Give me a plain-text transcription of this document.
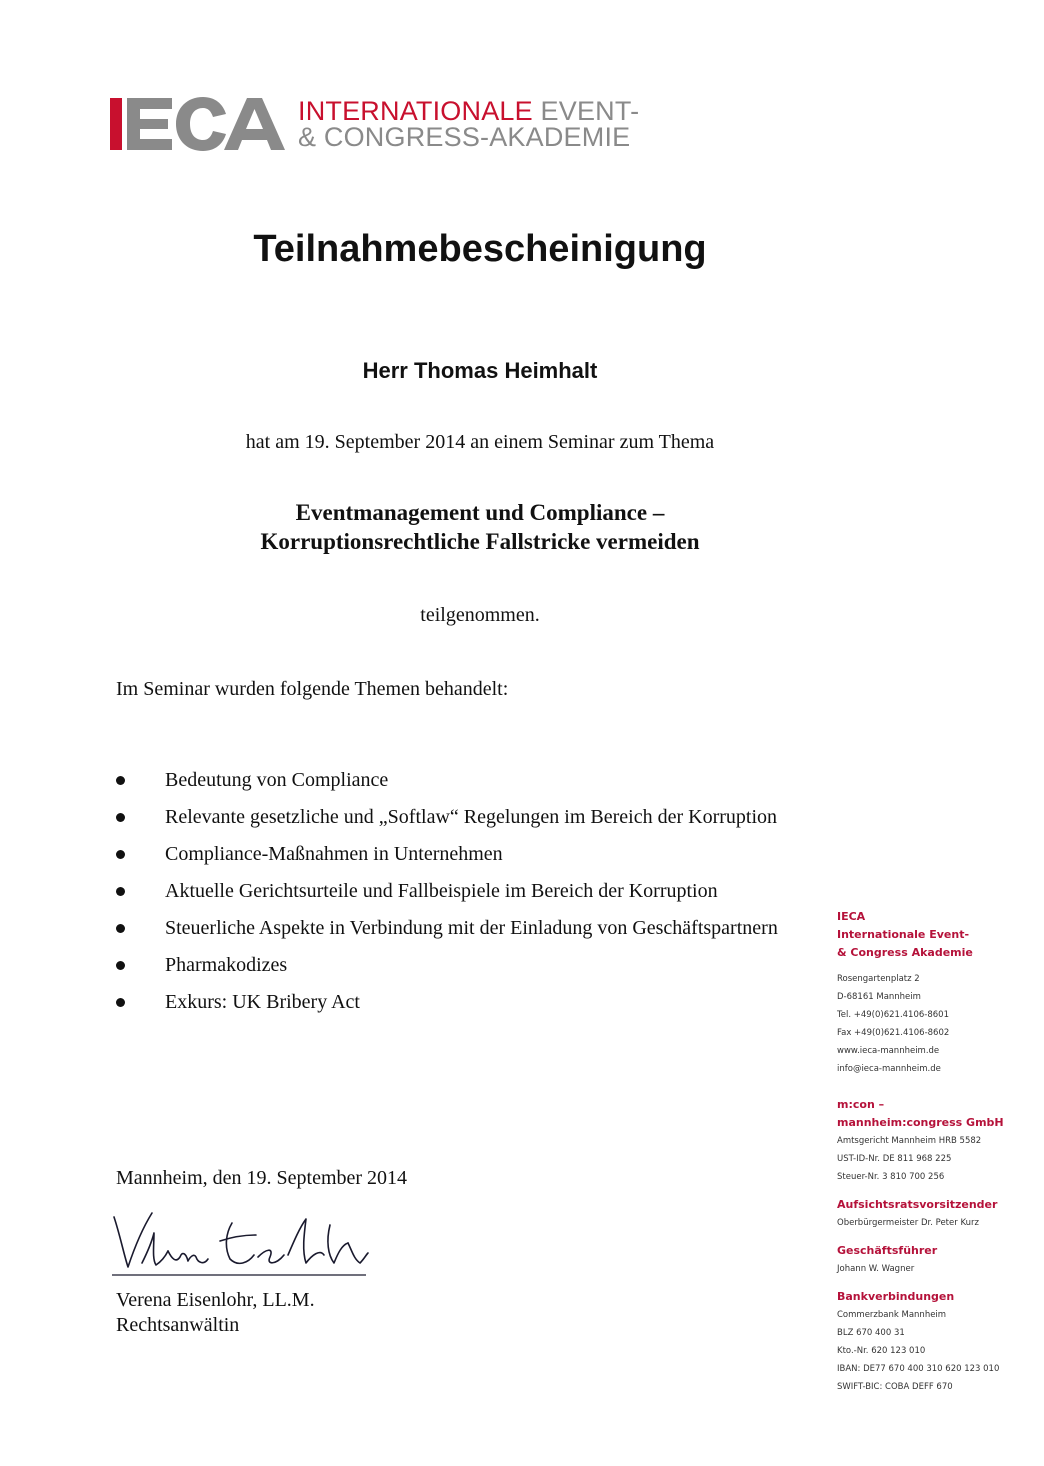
INTERNATIONALE EVENT-
& CONGRESS-AKADEMIE
Teilnahmebescheinigung
Herr Thomas Heimhalt
hat am 19. September 2014 an einem Seminar zum Thema
Eventmanagement und Compliance –
Korruptionsrechtliche Fallstricke vermeiden
teilgenommen.
Im Seminar wurden folgende Themen behandelt:
Bedeutung von Compliance
Relevante gesetzliche und „Softlaw“ Regelungen im Bereich der Korruption
Compliance-Maßnahmen in Unternehmen
Aktuelle Gerichtsurteile und Fallbeispiele im Bereich der Korruption
Steuerliche Aspekte in Verbindung mit der Einladung von Geschäftspartnern
Pharmakodizes
Exkurs: UK Bribery Act
Mannheim, den 19. September 2014
Verena Eisenlohr, LL.M.
Rechtsanwältin
IECA
Internationale Event-
& Congress Akademie
Rosengartenplatz 2
D-68161 Mannheim
Tel. +49(0)621.4106-8601
Fax +49(0)621.4106-8602
www.ieca-mannheim.de
info@ieca-mannheim.de
m:con –
mannheim:congress GmbH
Amtsgericht Mannheim HRB 5582
UST-ID-Nr. DE 811 968 225
Steuer-Nr. 3 810 700 256
Aufsichtsratsvorsitzender
Oberbürgermeister Dr. Peter Kurz
Geschäftsführer
Johann W. Wagner
Bankverbindungen
Commerzbank Mannheim
BLZ 670 400 31
Kto.-Nr. 620 123 010
IBAN: DE77 670 400 310 620 123 010
SWIFT-BIC: COBA DEFF 670
